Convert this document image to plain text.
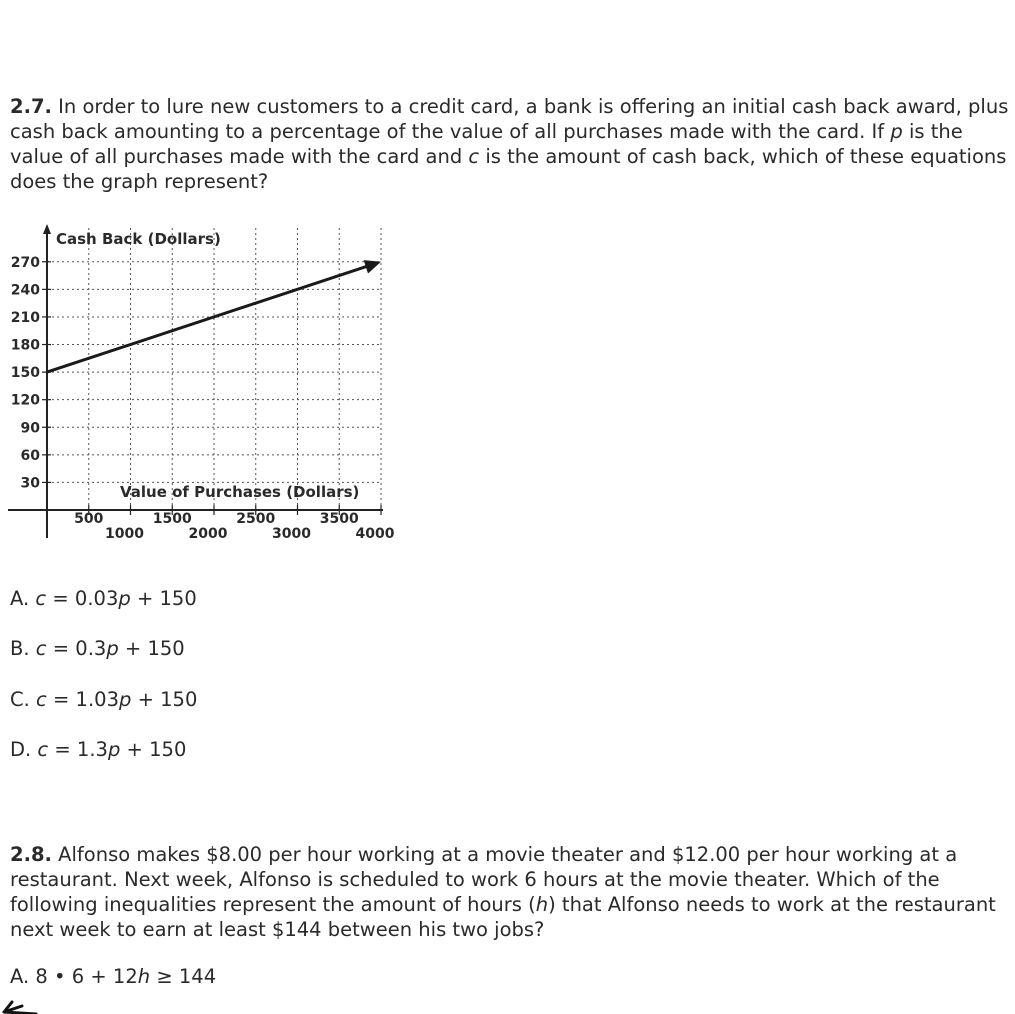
2.7. In order to lure new customers to a credit card, a bank is offering an initial cash back award, plus cash back amounting to a percentage of the value of all purchases made with the card. If p is the value of all purchases made with the card and c is the amount of cash back, which of these equations does the graph represent?
270
240
210
180
150
120
90
60
30
500	1500	2500	3500
1000	2000	3000	4000
Cash Back (Dollars)
Value of Purchases (Dollars)
A. c = 0.03p + 150
B. c = 0.3p + 150
C. c = 1.03p + 150
D. c = 1.3p + 150
2.8. Alfonso makes $8.00 per hour working at a movie theater and $12.00 per hour working at a restaurant. Next week, Alfonso is scheduled to work 6 hours at the movie theater. Which of the following inequalities represent the amount of hours (h) that Alfonso needs to work at the restaurant next week to earn at least $144 between his two jobs?
A. 8 • 6 + 12h ≥ 144
